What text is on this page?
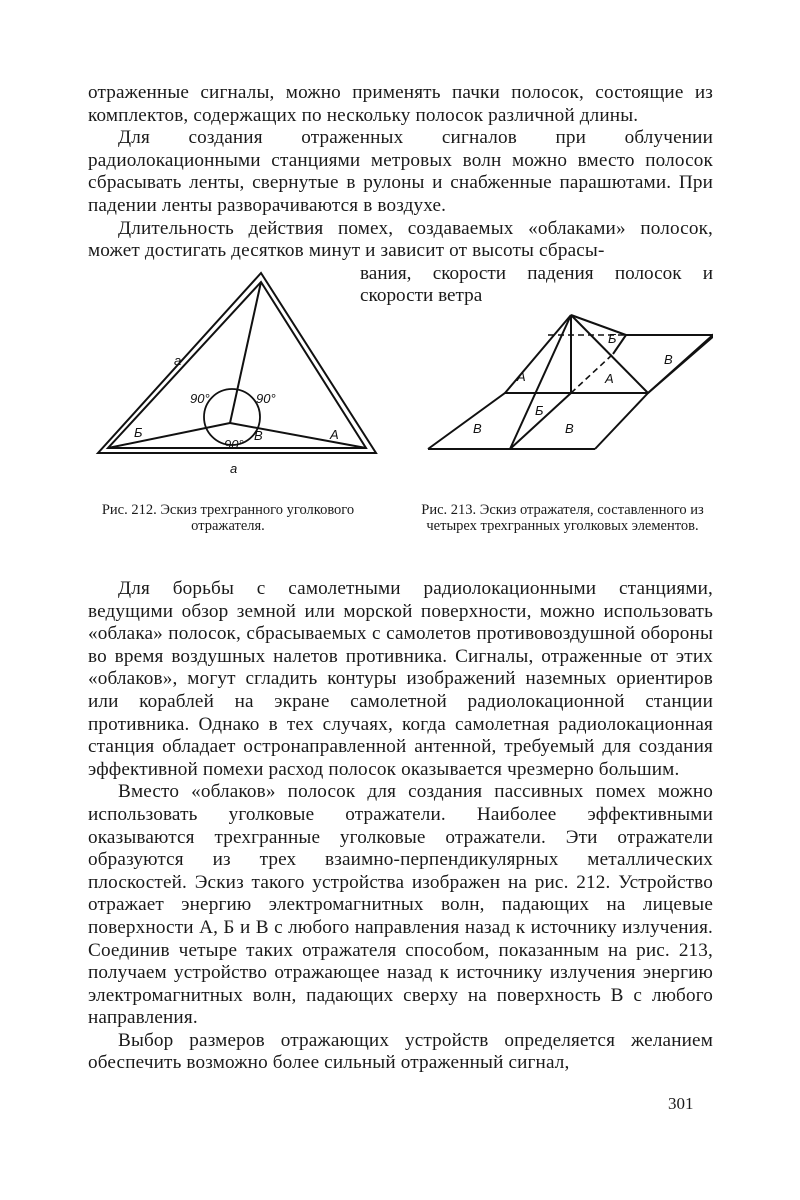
отраженные сигналы, можно применять пачки полосок, состоящие из комплектов, содержащих по нескольку полосок различной длины.

Для создания отраженных сигналов при облучении радиолокационными станциями метровых волн можно вместо полосок сбрасывать ленты, свернутые в рулоны и снабженные парашютами. При падении ленты разворачиваются в воздухе.

Длительность действия помех, создаваемых «облаками» полосок, может достигать десятков минут и зависит от высоты сбрасы-

вания, скорости падения полосок и скорости ветра
a
a
90°	90°
90°
Б	В	A
A	A
Б
Б
В	В
В
Рис. 212. Эскиз трехгранного уголкового отражателя.
Рис. 213. Эскиз отражателя, составленного из четырех трехгранных уголковых элементов.

Для борьбы с самолетными радиолокационными станциями, ведущими обзор земной или морской поверхности, можно использовать «облака» полосок, сбрасываемых с самолетов противовоздушной обороны во время воздушных налетов противника. Сигналы, отраженные от этих «облаков», могут сгладить контуры изображений наземных ориентиров или кораблей на экране самолетной радиолокационной станции противника. Однако в тех случаях, когда самолетная радиолокационная станция обладает остронаправленной антенной, требуемый для создания эффективной помехи расход полосок оказывается чрезмерно большим.

Вместо «облаков» полосок для создания пассивных помех можно использовать уголковые отражатели. Наиболее эффективными оказываются трехгранные уголковые отражатели. Эти отражатели образуются из трех взаимно-перпендикулярных металлических плоскостей. Эскиз такого устройства изображен на рис. 212. Устройство отражает энергию электромагнитных волн, падающих на лицевые поверхности А, Б и В с любого направления назад к источнику излучения. Соединив четыре таких отражателя способом, показанным на рис. 213, получаем устройство отражающее назад к источнику излучения энергию электромагнитных волн, падающих сверху на поверхность В с любого направления.

Выбор размеров отражающих устройств определяется желанием обеспечить возможно более сильный отраженный сигнал,

301
